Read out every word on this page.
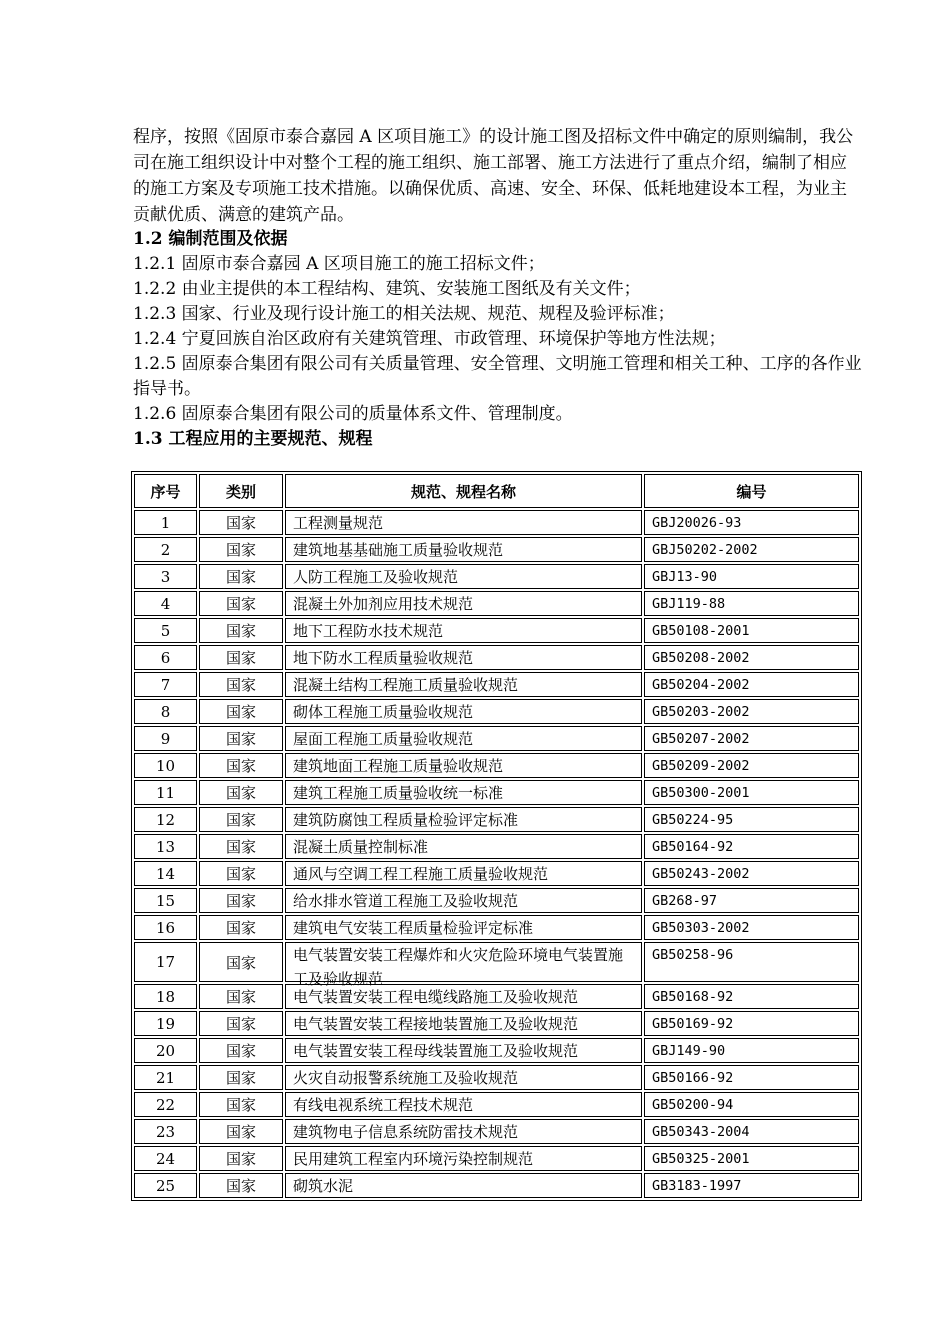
程序，按照《固原市泰合嘉园 A 区项目施工》的设计施工图及招标文件中确定的原则编制，我公司在施工组织设计中对整个工程的施工组织、施工部署、施工方法进行了重点介绍，编制了相应的施工方案及专项施工技术措施。以确保优质、高速、安全、环保、低耗地建设本工程，为业主贡献优质、满意的建筑产品。
1.2 编制范围及依据
1.2.1 固原市泰合嘉园 A 区项目施工的施工招标文件；
1.2.2 由业主提供的本工程结构、建筑、安装施工图纸及有关文件；
1.2.3 国家、行业及现行设计施工的相关法规、规范、规程及验评标准；
1.2.4 宁夏回族自治区政府有关建筑管理、市政管理、环境保护等地方性法规；
1.2.5 固原泰合集团有限公司有关质量管理、安全管理、文明施工管理和相关工种、工序的各作业指导书。
1.2.6 固原泰合集团有限公司的质量体系文件、管理制度。
1.3 工程应用的主要规范、规程
序号	类别	规范、规程名称	编号
1	国家	工程测量规范	GBJ20026-93
2	国家	建筑地基基础施工质量验收规范	GBJ50202-2002
3	国家	人防工程施工及验收规范	GBJ13-90
4	国家	混凝土外加剂应用技术规范	GBJ119-88
5	国家	地下工程防水技术规范	GB50108-2001
6	国家	地下防水工程质量验收规范	GB50208-2002
7	国家	混凝土结构工程施工质量验收规范	GB50204-2002
8	国家	砌体工程施工质量验收规范	GB50203-2002
9	国家	屋面工程施工质量验收规范	GB50207-2002
10	国家	建筑地面工程施工质量验收规范	GB50209-2002
11	国家	建筑工程施工质量验收统一标准	GB50300-2001
12	国家	建筑防腐蚀工程质量检验评定标准	GB50224-95
13	国家	混凝土质量控制标准	GB50164-92
14	国家	通风与空调工程工程施工质量验收规范	GB50243-2002
15	国家	给水排水管道工程施工及验收规范	GB268-97
16	国家	建筑电气安装工程质量检验评定标准	GB50303-2002
17	国家	电气装置安装工程爆炸和火灾危险环境电气装置施工及验收规范	GB50258-96
18	国家	电气装置安装工程电缆线路施工及验收规范	GB50168-92
19	国家	电气装置安装工程接地装置施工及验收规范	GB50169-92
20	国家	电气装置安装工程母线装置施工及验收规范	GBJ149-90
21	国家	火灾自动报警系统施工及验收规范	GB50166-92
22	国家	有线电视系统工程技术规范	GB50200-94
23	国家	建筑物电子信息系统防雷技术规范	GB50343-2004
24	国家	民用建筑工程室内环境污染控制规范	GB50325-2001
25	国家	砌筑水泥	GB3183-1997
